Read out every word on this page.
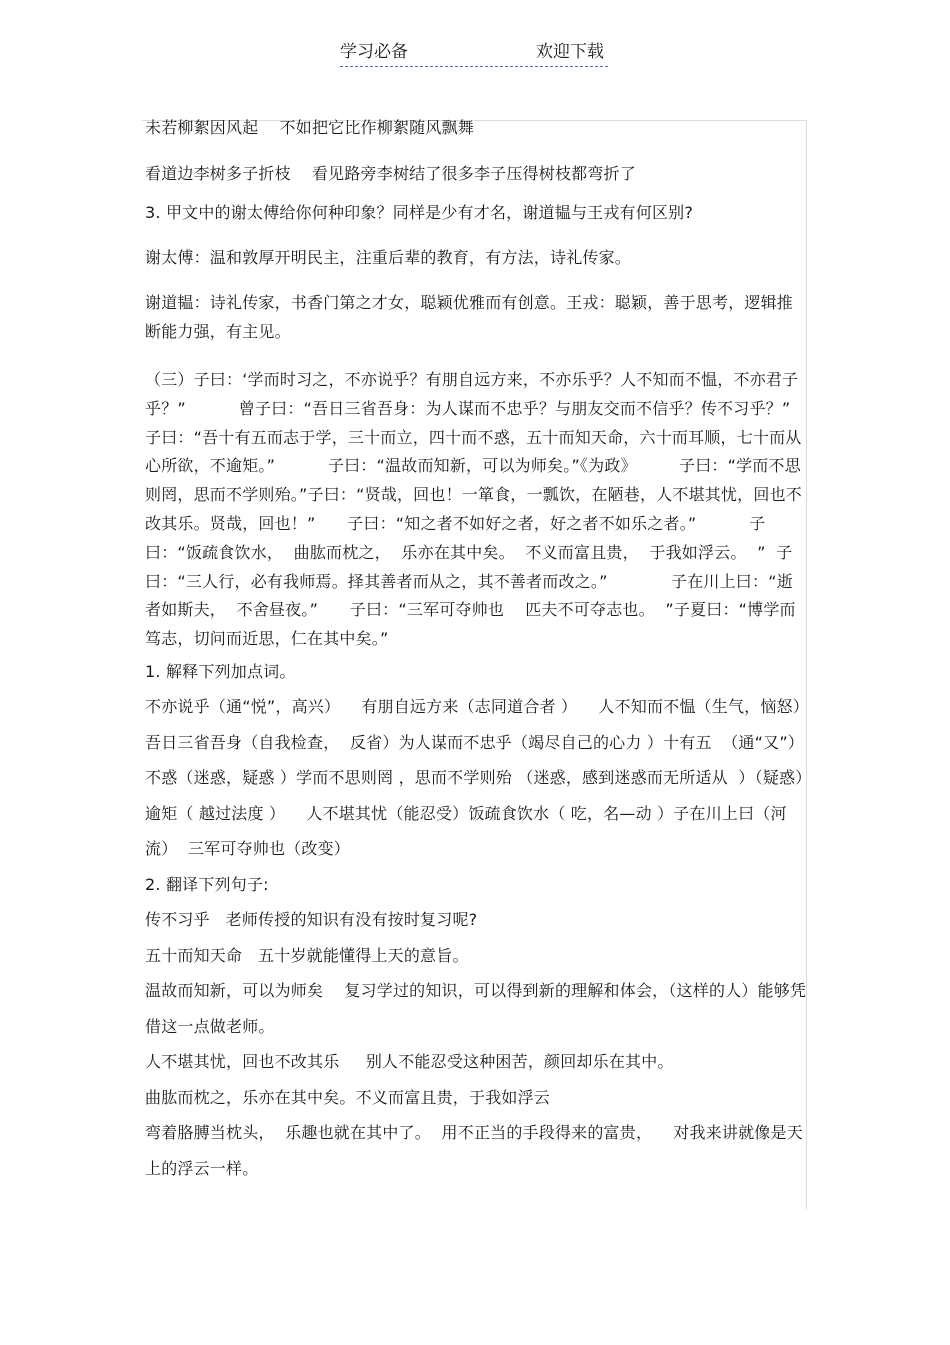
学习必备	欢迎下载

未若柳絮因风起    不如把它比作柳絮随风飘舞

看道边李树多子折枝    看见路旁李树结了很多李子压得树枝都弯折了

3. 甲文中的谢太傅给你何种印象？同样是少有才名，谢道韫与王戎有何区别?

谢太傅：温和敦厚开明民主，注重后辈的教育，有方法，诗礼传家。

谢道韫：诗礼传家，书香门第之才女，聪颖优雅而有创意。王戎：聪颖，善于思考，逻辑推断能力强，有主见。

（三）子曰：‘学而时习之，不亦说乎？有朋自远方来，不亦乐乎？人不知而不愠，不亦君子乎？”          曾子曰：“吾日三省吾身：为人谋而不忠乎？与朋友交而不信乎？传不习乎？”          子曰：“吾十有五而志于学，三十而立，四十而不惑，五十而知天命，六十而耳顺，七十而从心所欲，不逾矩。”          子曰：“温故而知新，可以为师矣。”《为政》        子曰：“学而不思则罔，思而不学则殆。”子曰：“贤哉，回也！一箪食，一瓢饮，在陋巷，人不堪其忧，回也不改其乐。贤哉，回也！”      子曰：“知之者不如好之者，好之者不如乐之者。”          子曰：“饭疏食饮水，  曲肱而枕之，  乐亦在其中矣。  不义而富且贵，  于我如浮云。  ”  子曰：“三人行，必有我师焉。择其善者而从之，其不善者而改之。”            子在川上曰：“逝者如斯夫，  不舍昼夜。”      子曰：“三军可夺帅也    匹夫不可夺志也。  ”子夏曰：“博学而笃志，切问而近思，仁在其中矣。”

1. 解释下列加点词。

不亦说乎（通“悦”，高兴）    有朋自远方来（志同道合者 ）    人不知而不愠（生气，恼怒）吾日三省吾身（自我检查，  反省）为人谋而不忠乎（竭尽自己的心力 ）十有五  （通“又”）不惑（迷惑，疑惑 ）学而不思则罔 ，思而不学则殆 （迷惑，感到迷惑而无所适从  ）（疑惑）逾矩（ 越过法度 ）    人不堪其忧（能忍受）饭疏食饮水（ 吃，名—动 ）子在川上曰（河流）  三军可夺帅也（改变）

2. 翻译下列句子:

传不习乎   老师传授的知识有没有按时复习呢?

五十而知天命   五十岁就能懂得上天的意旨。

温故而知新，可以为师矣    复习学过的知识，可以得到新的理解和体会，（这样的人）能够凭借这一点做老师。

人不堪其忧，回也不改其乐     别人不能忍受这种困苦，颜回却乐在其中。

曲肱而枕之，乐亦在其中矣。不义而富且贵，于我如浮云

弯着胳膊当枕头，  乐趣也就在其中了。  用不正当的手段得来的富贵，    对我来讲就像是天上的浮云一样。
